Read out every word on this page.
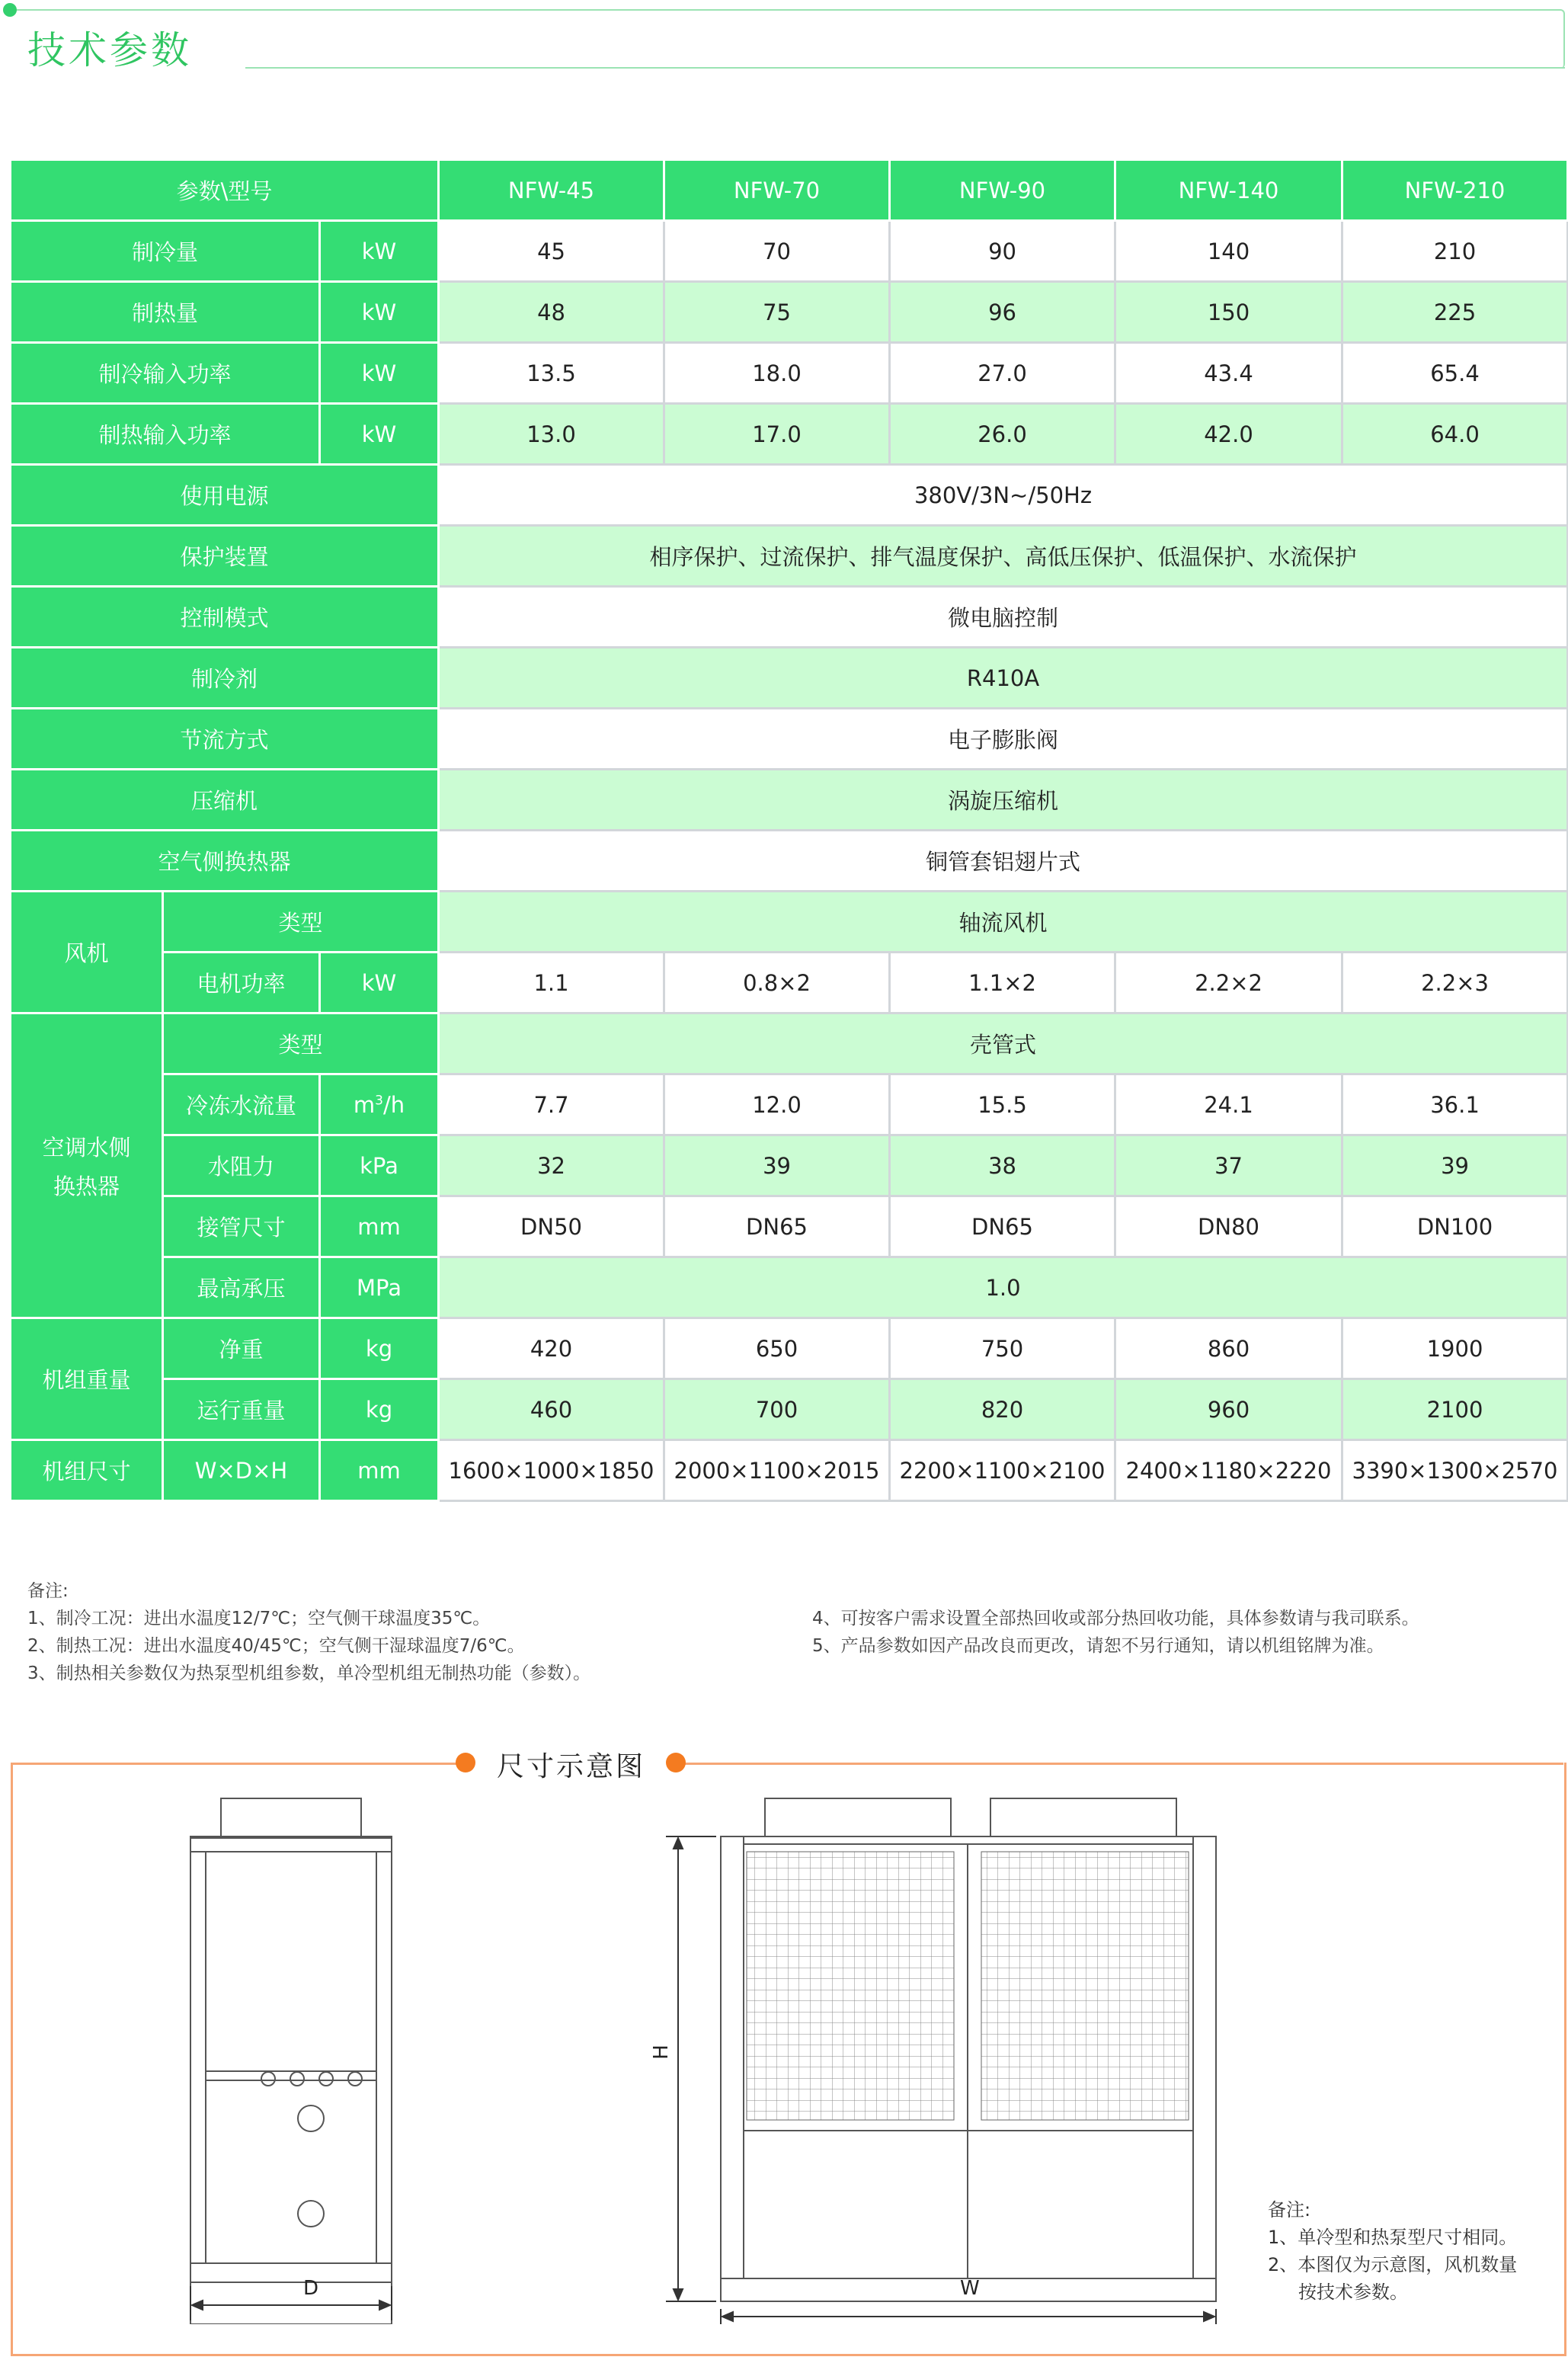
技术参数
参数\型号			NFW-45	NFW-70	NFW-90	NFW-140	NFW-210
制冷量		kW	45	70	90	140	210
制热量		kW	48	75	96	150	225
制冷输入功率		kW	13.5	18.0	27.0	43.4	65.4
制热输入功率		kW	13.0	17.0	26.0	42.0	64.0
使用电源			380V/3N~/50Hz				
保护装置			相序保护、过流保护、排气温度保护、高低压保护、低温保护、水流保护				
控制模式			微电脑控制				
制冷剂			R410A				
节流方式			电子膨胀阀				
压缩机			涡旋压缩机				
空气侧换热器			铜管套铝翅片式				
风机	类型		轴流风机				
	电机功率	kW	1.1	0.8×2	1.1×2	2.2×2	2.2×3

空调水侧
换热器	类型		壳管式				
	冷冻水流量	$m^3/h$	7.7	12.0	15.5	24.1	36.1
	水阻力	kPa	32	39	38	37	39
	接管尺寸	mm	DN50	DN65	DN65	DN80	DN100
	最高承压	MPa	1.0				
机组重量	净重	kg	420	650	750	860	1900
	运行重量	kg	460	700	820	960	2100
机组尺寸	W×D×H	mm	1600×1000×1850	2000×1100×2015	2200×1100×2100	2400×1180×2220	3390×1300×2570
备注:
1、制冷工况：进出水温度12/7℃；空气侧干球温度35℃。
2、制热工况：进出水温度40/45℃；空气侧干湿球温度7/6℃。
3、制热相关参数仅为热泵型机组参数，单冷型机组无制热功能（参数）。
4、可按客户需求设置全部热回收或部分热回收功能，具体参数请与我司联系。
5、产品参数如因产品改良而更改，请恕不另行通知，请以机组铭牌为准。
尺寸示意图
D	W
H
备注:
1、单冷型和热泵型尺寸相同。
2、本图仅为示意图，风机数量
按技术参数。
